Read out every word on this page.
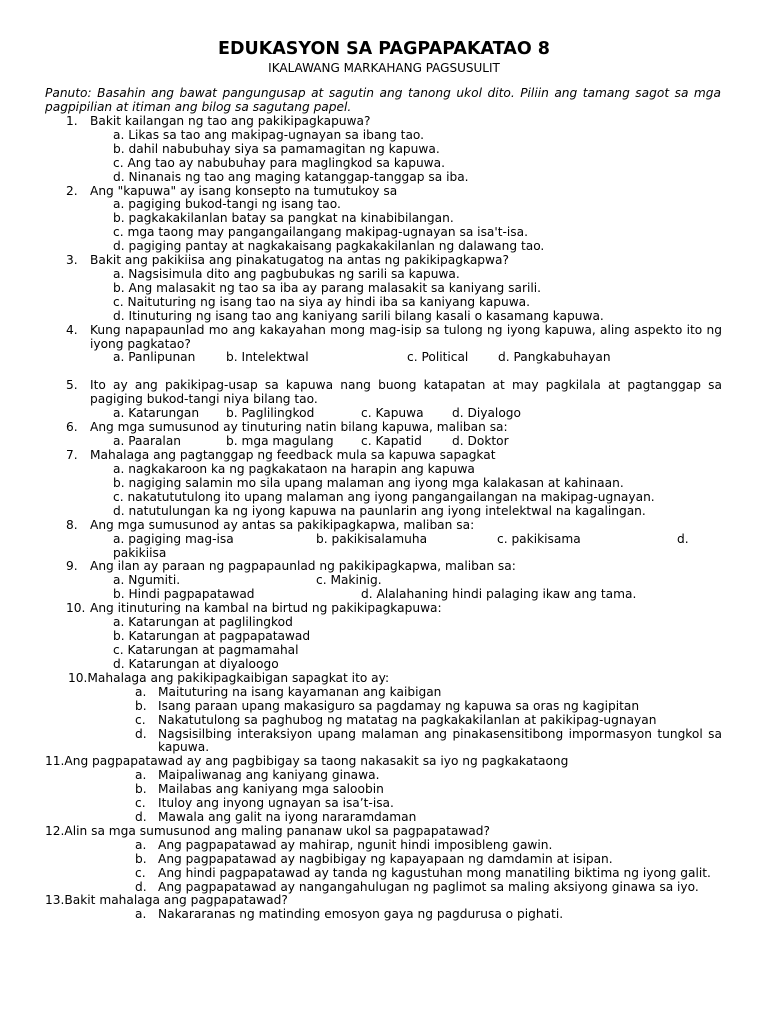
EDUKASYON SA PAGPAPAKATAO 8
IKALAWANG MARKAHANG PAGSUSULIT
Panuto: Basahin ang bawat pangungusap at sagutin ang tanong ukol dito. Piliin ang tamang sagot sa mga pagpipilian at itiman ang bilog sa sagutang papel.
1. Bakit kailangan ng tao ang pakikipagkapuwa?
a. Likas sa tao ang makipag-ugnayan sa ibang tao.
b. dahil nabubuhay siya sa pamamagitan ng kapuwa.
c. Ang tao ay nabubuhay para maglingkod sa kapuwa.
d. Ninanais ng tao ang maging katanggap-tanggap sa iba.
2. Ang "kapuwa" ay isang konsepto na tumutukoy sa
a. pagiging bukod-tangi ng isang tao.
b. pagkakakilanlan batay sa pangkat na kinabibilangan.
c. mga taong may pangangailangang makipag-ugnayan sa isa't-isa.
d. pagiging pantay at nagkakaisang pagkakakilanlan ng dalawang tao.
3. Bakit ang pakikiisa ang pinakatugatog na antas ng pakikipagkapwa?
a. Nagsisimula dito ang pagbubukas ng sarili sa kapuwa.
b. Ang malasakit ng tao sa iba ay parang malasakit sa kaniyang sarili.
c. Naituturing ng isang tao na siya ay hindi iba sa kaniyang kapuwa.
d. Itinuturing ng isang tao ang kaniyang sarili bilang kasali o kasamang kapuwa.
4. Kung napapaunlad mo ang kakayahan mong mag-isip sa tulong ng iyong kapuwa, aling aspekto ito ng iyong pagkatao?
a. Panlipunan	b. Intelektwal	c. Political d. Pangkabuhayan
5. Ito ay ang pakikipag-usap sa kapuwa nang buong katapatan at may pagkilala at pagtanggap sa pagiging bukod-tangi niya bilang tao.
a. Katarungan b. Paglilingkod	c. Kapuwa d. Diyalogo
6. Ang mga sumusunod ay tinuturing natin bilang kapuwa, maliban sa:
a. Paaralan	b. mga magulang c. Kapatid d. Doktor
7. Mahalaga ang pagtanggap ng feedback mula sa kapuwa sapagkat
a. nagkakaroon ka ng pagkakataon na harapin ang kapuwa
b. nagiging salamin mo sila upang malaman ang iyong mga kalakasan at kahinaan.
c. nakatututulong ito upang malaman ang iyong pangangailangan na makipag-ugnayan.
d. natutulungan ka ng iyong kapuwa na paunlarin ang iyong intelektwal na kagalingan.
8. Ang mga sumusunod ay antas sa pakikipagkapwa, maliban sa:
a. pagiging mag-isa	b. pakikisalamuha	c. pakikisama	d.
pakikiisa
9. Ang ilan ay paraan ng pagpapaunlad ng pakikipagkapwa, maliban sa:
a. Ngumiti.	c. Makinig.
b. Hindi pagpapatawad	d. Alalahaning hindi palaging ikaw ang tama.
10. Ang itinuturing na kambal na birtud ng pakikipagkapuwa:
a. Katarungan at paglilingkod
b. Katarungan at pagpapatawad
c. Katarungan at pagmamahal
d. Katarungan at diyaloogo
10.Mahalaga ang pakikipagkaibigan sapagkat ito ay:
a. Maituturing na isang kayamanan ang kaibigan
b. Isang paraan upang makasiguro sa pagdamay ng kapuwa sa oras ng kagipitan
c. Nakatutulong sa paghubog ng matatag na pagkakakilanlan at pakikipag-ugnayan
d. Nagsisilbing interaksiyon upang malaman ang pinakasensitibong impormasyon tungkol sa kapuwa.
11.Ang pagpapatawad ay ang pagbibigay sa taong nakasakit sa iyo ng pagkakataong
a. Maipaliwanag ang kaniyang ginawa.
b. Mailabas ang kaniyang mga saloobin
c. Ituloy ang inyong ugnayan sa isa’t-isa.
d. Mawala ang galit na iyong nararamdaman
12.Alin sa mga sumusunod ang maling pananaw ukol sa pagpapatawad?
a. Ang pagpapatawad ay mahirap, ngunit hindi imposibleng gawin.
b. Ang pagpapatawad ay nagbibigay ng kapayapaan ng damdamin at isipan.
c. Ang hindi pagpapatawad ay tanda ng kagustuhan mong manatiling biktima ng iyong galit.
d. Ang pagpapatawad ay nangangahulugan ng paglimot sa maling aksiyong ginawa sa iyo.
13.Bakit mahalaga ang pagpapatawad?
a. Nakararanas ng matinding emosyon gaya ng pagdurusa o pighati.
